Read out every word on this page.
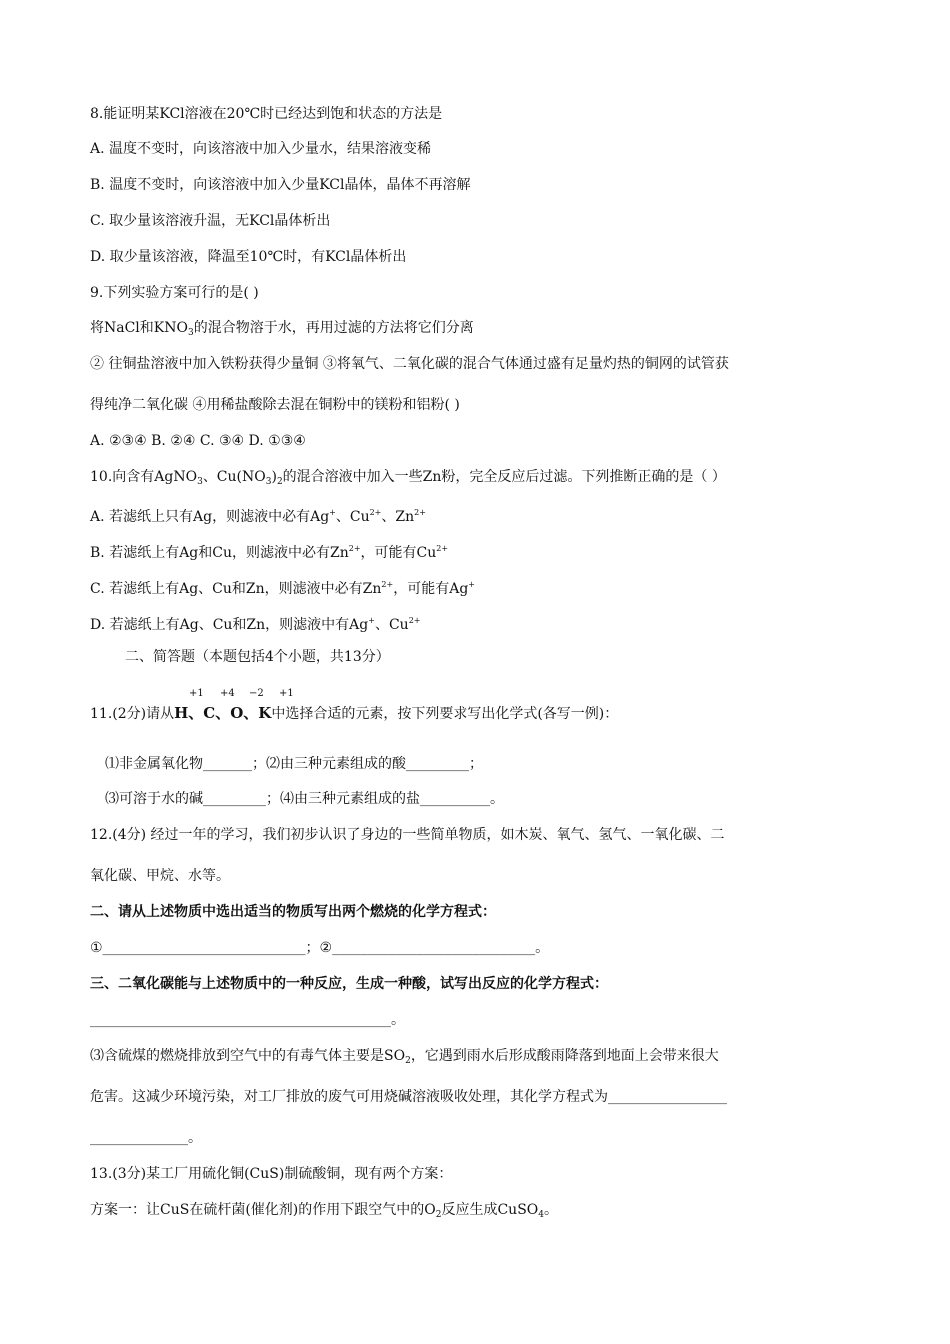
8.能证明某KCl溶液在20℃时已经达到饱和状态的方法是
A. 温度不变时，向该溶液中加入少量水，结果溶液变稀
B. 温度不变时，向该溶液中加入少量KCl晶体，晶体不再溶解
C. 取少量该溶液升温，无KCl晶体析出
D. 取少量该溶液，降温至10℃时，有KCl晶体析出
9.下列实验方案可行的是( )
将NaCl和$KNO_3$的混合物溶于水，再用过滤的方法将它们分离
② 往铜盐溶液中加入铁粉获得少量铜 ③将氧气、二氧化碳的混合气体通过盛有足量灼热的铜网的试管获
得纯净二氧化碳 ④用稀盐酸除去混在铜粉中的镁粉和铝粉( )
A. ②③④ B. ②④ C. ③④ D. ①③④
10.向含有AgNO$_3$、$Cu(NO_3)_2$的混合溶液中加入一些Zn粉，完全反应后过滤。下列推断正确的是（ ）
A. 若滤纸上只有Ag，则滤液中必有Ag+、$Cu^{2+}$、$Zn^{2+}$
B. 若滤纸上有Ag和Cu，则滤液中必有$Zn^{2+}$，可能有$Cu^{2+}$
C. 若滤纸上有Ag、Cu和Zn，则滤液中必有$Zn^{2+}$，可能有Ag+
D. 若滤纸上有Ag、Cu和Zn，则滤液中有Ag+、$Cu^{2+}$
二、简答题（本题包括4个小题，共13分）
+1 +4 −2 +1
11.(2分)请从H、C、O、K中选择合适的元素，按下列要求写出化学式(各写一例)：
⑴非金属氧化物_______；⑵由三种元素组成的酸_________；
⑶可溶于水的碱_________；⑷由三种元素组成的盐__________。
12.(4分) 经过一年的学习，我们初步认识了身边的一些简单物质，如木炭、氧气、氢气、一氧化碳、二
氧化碳、甲烷、水等。
二、请从上述物质中选出适当的物质写出两个燃烧的化学方程式：
①_____________________________；②_____________________________。
三、二氧化碳能与上述物质中的一种反应，生成一种酸，试写出反应的化学方程式：
___________________________________________。
⑶含硫煤的燃烧排放到空气中的有毒气体主要是$SO_2$，它遇到雨水后形成酸雨降落到地面上会带来很大
危害。这减少环境污染，对工厂排放的废气可用烧碱溶液吸收处理，其化学方程式为_________________
______________。
13.(3分)某工厂用硫化铜(CuS)制硫酸铜，现有两个方案：
方案一：让CuS在硫杆菌(催化剂)的作用下跟空气中的$O_2$反应生成CuSO$_4$。
